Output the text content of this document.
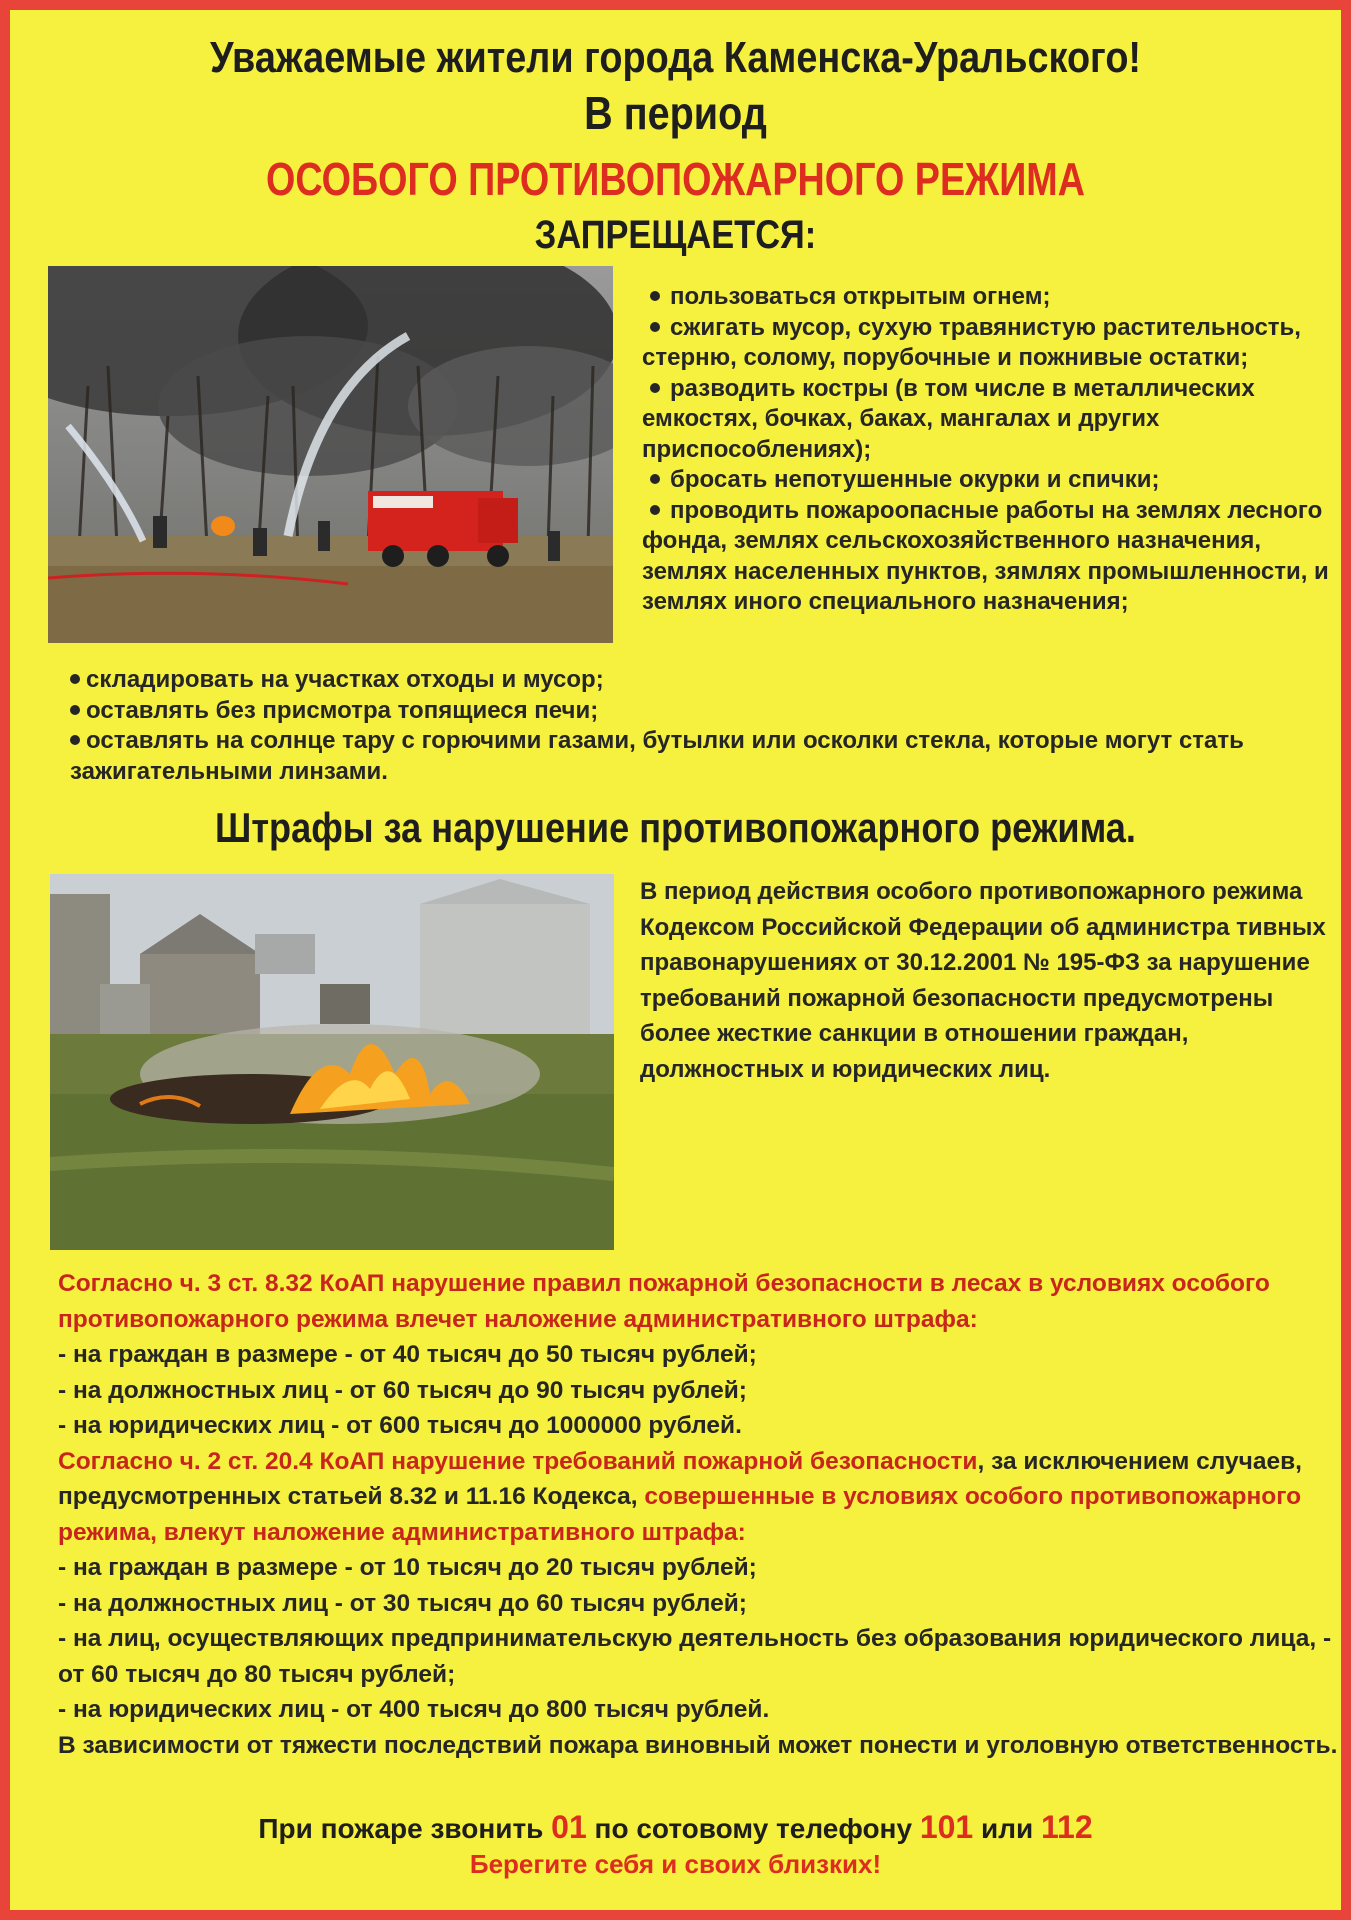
Уважаемые жители города Каменска-Уральского!
В период
ОСОБОГО ПРОТИВОПОЖАРНОГО РЕЖИМА
ЗАПРЕЩАЕТСЯ:
пользоваться открытым огнем;
сжигать мусор, сухую травянистую растительность, стерню, солому, порубочные и пожнивые остатки;
разводить костры (в том числе в металлических емкостях, бочках, баках, мангалах и других приспособлениях);
бросать непотушенные окурки и спички;
проводить пожароопасные работы на землях лесного фонда, землях сельскохозяйственного назначения, землях населенных пунктов, зямлях промышленности, и землях иного специального назначения;
складировать на участках отходы и мусор;
оставлять без присмотра топящиеся печи;
оставлять на солнце тару с горючими газами, бутылки или осколки стекла, которые могут стать зажигательными линзами.
Штрафы за нарушение противопожарного режима.
В период действия особого противопожарного режима Кодексом Российской Федерации об администра тивных правонарушениях от 30.12.2001 № 195-ФЗ за нарушение требований пожарной безопасности предусмотрены более жесткие санкции в отношении граждан, должностных и юридических лиц.

Согласно ч. 3 ст. 8.32 КоАП нарушение правил пожарной безопасности в лесах в условиях особого противопожарного режима влечет наложение административного штрафа:

- на граждан в размере - от 40 тысяч до 50 тысяч рублей;

- на должностных лиц - от 60 тысяч до 90 тысяч рублей;

- на юридических лиц - от 600 тысяч до 1000000 рублей.

Согласно ч. 2 ст. 20.4 КоАП нарушение требований пожарной безопасности, за исключением случаев, предусмотренных статьей 8.32 и 11.16 Кодекса, совершенные в условиях особого противопожарного режима, влекут наложение административного штрафа:

- на граждан в размере - от 10 тысяч до 20 тысяч рублей;

- на должностных лиц - от 30 тысяч до 60 тысяч рублей;

- на лиц, осуществляющих предпринимательскую деятельность без образования юридического лица, - от 60 тысяч до 80 тысяч рублей;

- на юридических лиц - от 400 тысяч до 800 тысяч рублей.

В зависимости от тяжести последствий пожара виновный может понести и уголовную ответственность.

При пожаре звонить 01 по сотовому телефону 101 или 112
Берегите себя и своих близких!
